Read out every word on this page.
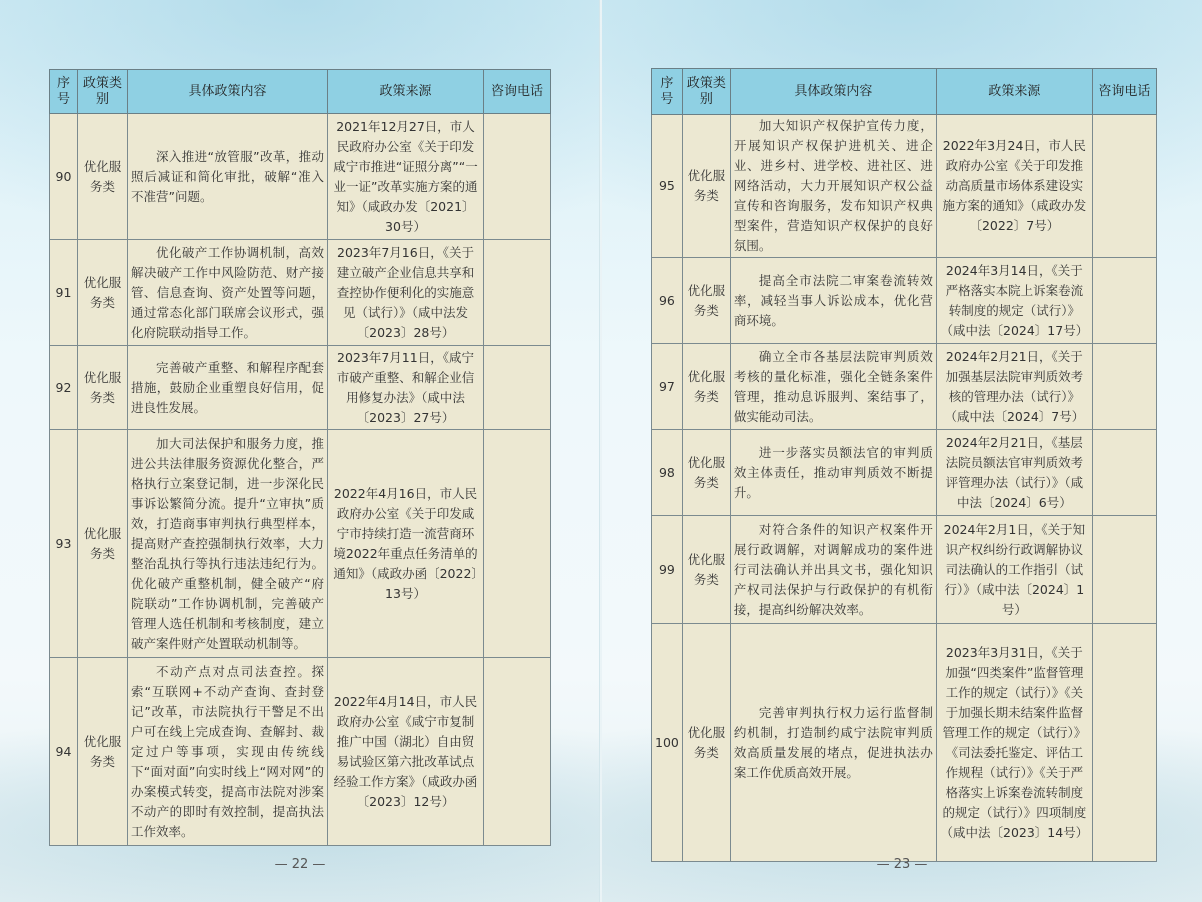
序号	政策类别	具体政策内容	政策来源	咨询电话
90	优化服务类	深入推进“放管服”改革，推动照后减证和简化审批，破解“准入不准营”问题。	2021年12月27日，市人民政府办公室《关于印发咸宁市推进“证照分离”“一业一证”改革实施方案的通知》（咸政办发〔2021〕30号）	
91	优化服务类	优化破产工作协调机制，高效解决破产工作中风险防范、财产接管、信息查询、资产处置等问题，通过常态化部门联席会议形式，强化府院联动指导工作。	2023年7月16日，《关于建立破产企业信息共享和查控协作便利化的实施意见（试行）》（咸中法发〔2023〕28号）	
92	优化服务类	完善破产重整、和解程序配套措施，鼓励企业重塑良好信用，促进良性发展。	2023年7月11日，《咸宁市破产重整、和解企业信用修复办法》（咸中法〔2023〕27号）	
93	优化服务类	加大司法保护和服务力度，推进公共法律服务资源优化整合，严格执行立案登记制，进一步深化民事诉讼繁简分流。提升“立审执”质效，打造商事审判执行典型样本，提高财产查控强制执行效率，大力整治乱执行等执行违法违纪行为。优化破产重整机制，健全破产“府院联动”工作协调机制，完善破产管理人选任机制和考核制度，建立破产案件财产处置联动机制等。	2022年4月16日，市人民政府办公室《关于印发咸宁市持续打造一流营商环境2022年重点任务清单的通知》（咸政办函〔2022〕13号）	
94	优化服务类	不动产点对点司法查控。探索“互联网+不动产查询、查封登记”改革，市法院执行干警足不出户可在线上完成查询、查解封、裁定过户等事项，实现由传统线下“面对面”向实时线上“网对网”的办案模式转变，提高市法院对涉案不动产的即时有效控制，提高执法工作效率。	2022年4月14日，市人民政府办公室《咸宁市复制推广中国（湖北）自由贸易试验区第六批改革试点经验工作方案》（咸政办函〔2023〕12号）	
— 22 —
序号	政策类别	具体政策内容	政策来源	咨询电话
95	优化服务类	加大知识产权保护宣传力度，开展知识产权保护进机关、进企业、进乡村、进学校、进社区、进网络活动，大力开展知识产权公益宣传和咨询服务，发布知识产权典型案件，营造知识产权保护的良好氛围。	2022年3月24日，市人民政府办公室《关于印发推动高质量市场体系建设实施方案的通知》（咸政办发〔2022〕7号）	
96	优化服务类	提高全市法院二审案卷流转效率，减轻当事人诉讼成本，优化营商环境。	2024年3月14日，《关于严格落实本院上诉案卷流转制度的规定（试行）》（咸中法〔2024〕17号）	
97	优化服务类	确立全市各基层法院审判质效考核的量化标准，强化全链条案件管理，推动息诉服判、案结事了，做实能动司法。	2024年2月21日，《关于加强基层法院审判质效考核的管理办法（试行）》（咸中法〔2024〕7号）	
98	优化服务类	进一步落实员额法官的审判质效主体责任，推动审判质效不断提升。	2024年2月21日，《基层法院员额法官审判质效考评管理办法（试行）》（咸中法〔2024〕6号）	
99	优化服务类	对符合条件的知识产权案件开展行政调解，对调解成功的案件进行司法确认并出具文书，强化知识产权司法保护与行政保护的有机衔接，提高纠纷解决效率。	2024年2月1日，《关于知识产权纠纷行政调解协议司法确认的工作指引（试行）》（咸中法〔2024〕1号）	
100	优化服务类	完善审判执行权力运行监督制约机制，打造制约咸宁法院审判质效高质量发展的堵点，促进执法办案工作优质高效开展。	2023年3月31日，《关于加强“四类案件”监督管理工作的规定（试行）》《关于加强长期未结案件监督管理工作的规定（试行）》《司法委托鉴定、评估工作规程（试行）》《关于严格落实上诉案卷流转制度的规定（试行）》四项制度（咸中法〔2023〕14号）	
— 23 —
